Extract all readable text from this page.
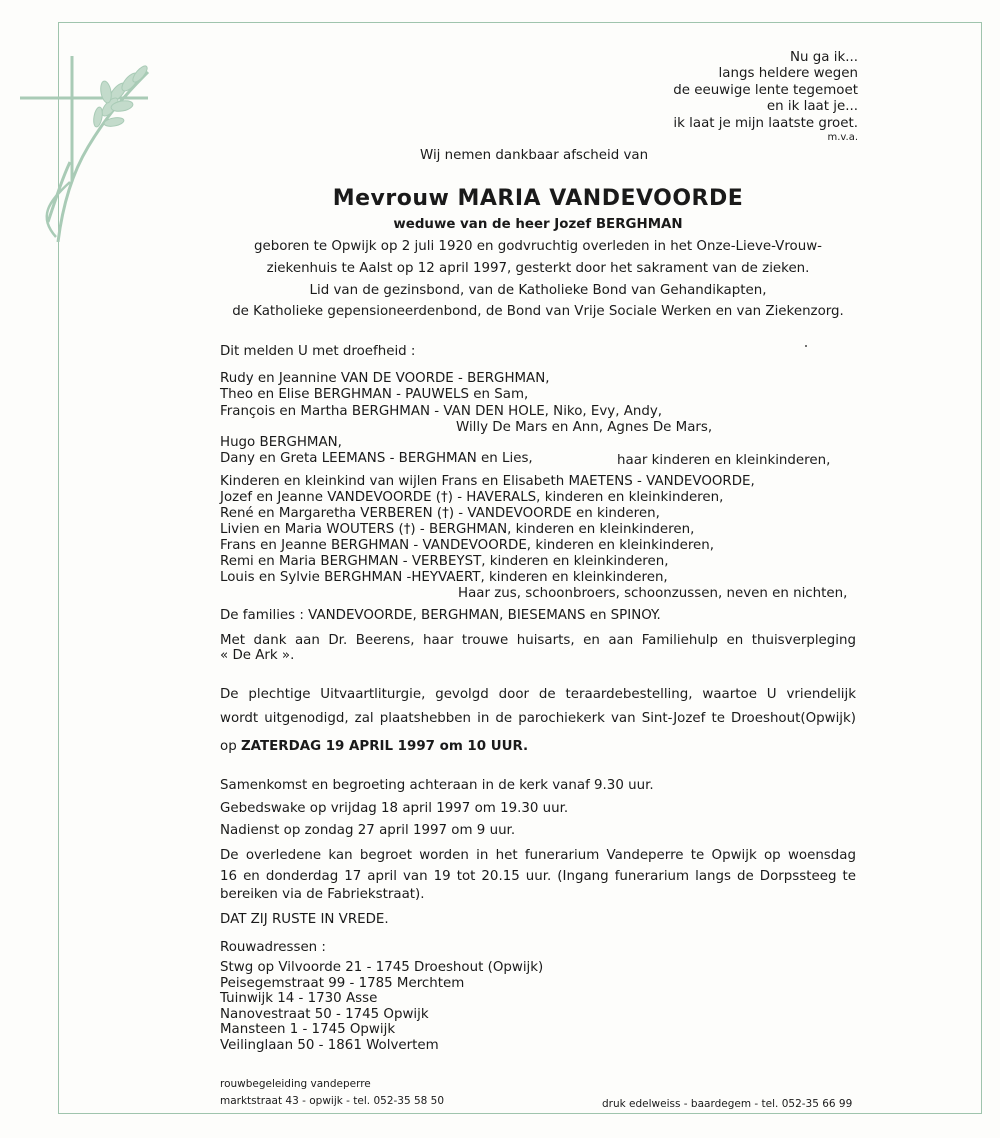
Nu ga ik...
langs heldere wegen
de eeuwige lente tegemoet
en ik laat je...
ik laat je mijn laatste groet.
m.v.a.
Wij nemen dankbaar afscheid van
Mevrouw MARIA VANDEVOORDE
weduwe van de heer Jozef BERGHMAN
geboren te Opwijk op 2 juli 1920 en godvruchtig overleden in het Onze-Lieve-Vrouw-
ziekenhuis te Aalst op 12 april 1997, gesterkt door het sakrament van de zieken.
Lid van de gezinsbond, van de Katholieke Bond van Gehandikapten,
de Katholieke gepensioneerdenbond, de Bond van Vrije Sociale Werken en van Ziekenzorg.
Dit melden U met droefheid :
Rudy en Jeannine VAN DE VOORDE - BERGHMAN,
Theo en Elise BERGHMAN - PAUWELS en Sam,
François en Martha BERGHMAN - VAN DEN HOLE, Niko, Evy, Andy,
Willy De Mars en Ann, Agnes De Mars,
Hugo BERGHMAN,
Dany en Greta LEEMANS - BERGHMAN en Lies,	haar kinderen en kleinkinderen,
Kinderen en kleinkind van wijlen Frans en Elisabeth MAETENS - VANDEVOORDE,
Jozef en Jeanne VANDEVOORDE (†) - HAVERALS, kinderen en kleinkinderen,
René en Margaretha VERBEREN (†) - VANDEVOORDE en kinderen,
Livien en Maria WOUTERS (†) - BERGHMAN, kinderen en kleinkinderen,
Frans en Jeanne BERGHMAN - VANDEVOORDE, kinderen en kleinkinderen,
Remi en Maria BERGHMAN - VERBEYST, kinderen en kleinkinderen,
Louis en Sylvie BERGHMAN -HEYVAERT, kinderen en kleinkinderen,
Haar zus, schoonbroers, schoonzussen, neven en nichten,
De families : VANDEVOORDE, BERGHMAN, BIESEMANS en SPINOY.
Met dank aan Dr. Beerens, haar trouwe huisarts, en aan Familiehulp en thuisverpleging
« De Ark ».
De plechtige Uitvaartliturgie, gevolgd door de teraardebestelling, waartoe U vriendelijk
wordt uitgenodigd, zal plaatshebben in de parochiekerk van Sint-Jozef te Droeshout(Opwijk)
op ZATERDAG 19 APRIL 1997 om 10 UUR.
Samenkomst en begroeting achteraan in de kerk vanaf 9.30 uur.
Gebedswake op vrijdag 18 april 1997 om 19.30 uur.
Nadienst op zondag 27 april 1997 om 9 uur.
De overledene kan begroet worden in het funerarium Vandeperre te Opwijk op woensdag
16 en donderdag 17 april van 19 tot 20.15 uur. (Ingang funerarium langs de Dorpssteeg te
bereiken via de Fabriekstraat).
DAT ZIJ RUSTE IN VREDE.
Rouwadressen :
Stwg op Vilvoorde 21 - 1745 Droeshout (Opwijk)
Peisegemstraat 99 - 1785 Merchtem
Tuinwijk 14 - 1730 Asse
Nanovestraat 50 - 1745 Opwijk
Mansteen 1 - 1745 Opwijk
Veilinglaan 50 - 1861 Wolvertem
rouwbegeleiding vandeperre
marktstraat 43 - opwijk - tel. 052-35 58 50	druk edelweiss - baardegem - tel. 052-35 66 99
